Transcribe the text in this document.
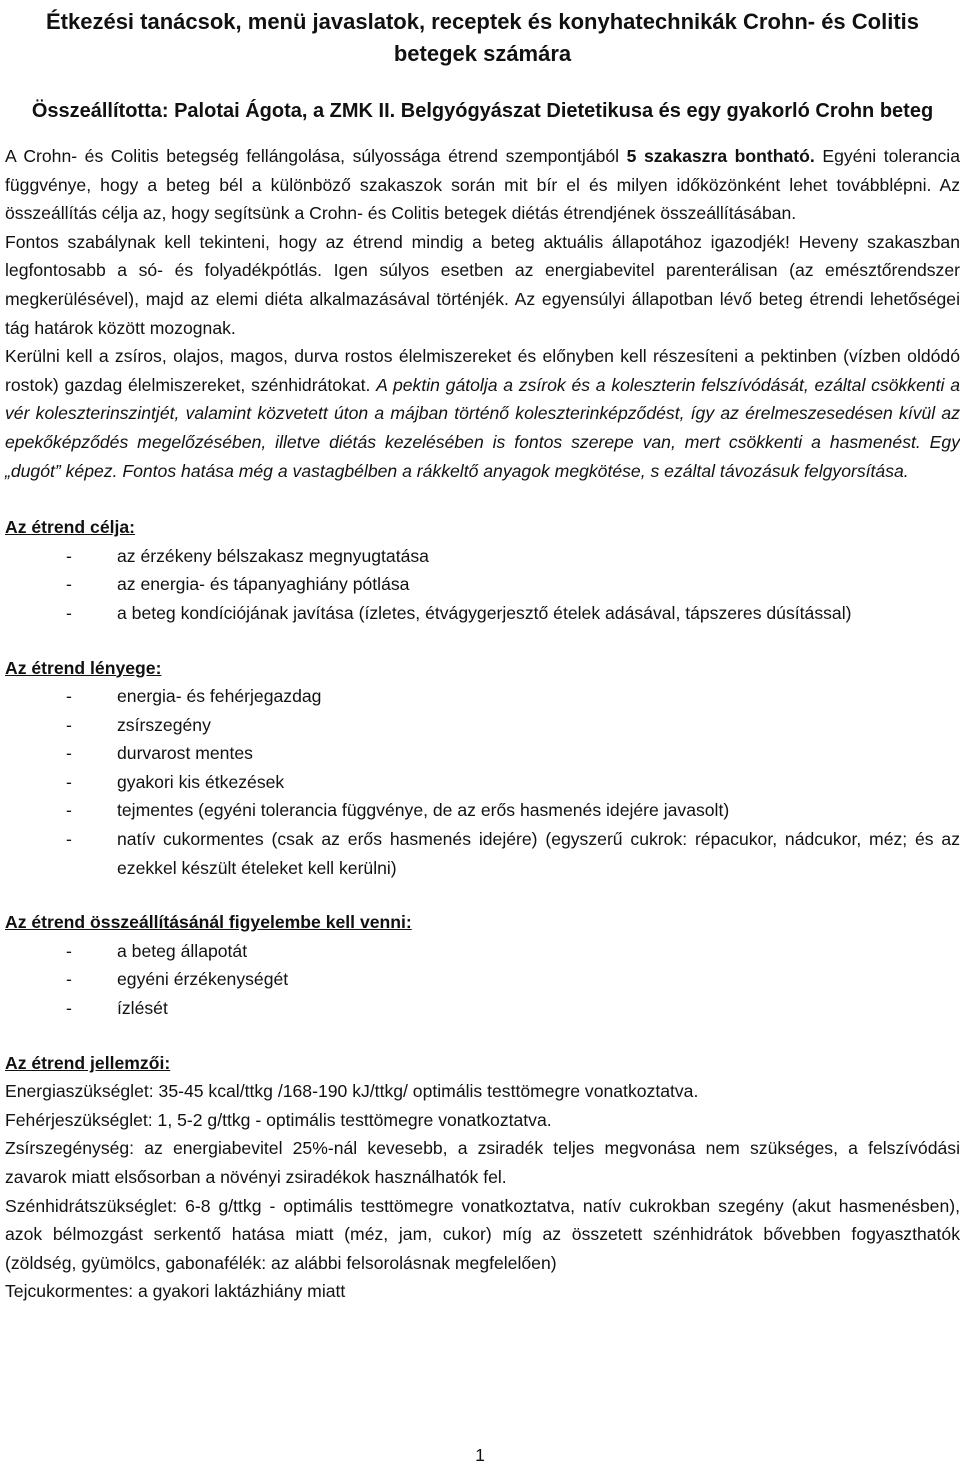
Étkezési tanácsok, menü javaslatok, receptek és konyhatechnikák Crohn- és Colitis betegek számára
Összeállította: Palotai Ágota, a ZMK II. Belgyógyászat Dietetikusa és egy gyakorló Crohn beteg

A Crohn- és Colitis betegség fellángolása, súlyossága étrend szempontjából 5 szakaszra bontható. Egyéni tolerancia függvénye, hogy a beteg bél a különböző szakaszok során mit bír el és milyen időközönként lehet továbblépni. Az összeállítás célja az, hogy segítsünk a Crohn- és Colitis betegek diétás étrendjének összeállításában.

Fontos szabálynak kell tekinteni, hogy az étrend mindig a beteg aktuális állapotához igazodjék! Heveny szakaszban legfontosabb a só- és folyadékpótlás. Igen súlyos esetben az energiabevitel parenterálisan (az emésztőrendszer megkerülésével), majd az elemi diéta alkalmazásával történjék. Az egyensúlyi állapotban lévő beteg étrendi lehetőségei tág határok között mozognak.

Kerülni kell a zsíros, olajos, magos, durva rostos élelmiszereket és előnyben kell részesíteni a pektinben (vízben oldódó rostok) gazdag élelmiszereket, szénhidrátokat. A pektin gátolja a zsírok és a koleszterin felszívódását, ezáltal csökkenti a vér koleszterinszintjét, valamint közvetett úton a májban történő koleszterinképződést, így az érelmeszesedésen kívül az epekőképződés megelőzésében, illetve diétás kezelésében is fontos szerepe van, mert csökkenti a hasmenést. Egy „dugót” képez. Fontos hatása még a vastagbélben a rákkeltő anyagok megkötése, s ezáltal távozásuk felgyorsítása.

Az étrend célja:
-	az érzékeny bélszakasz megnyugtatása
-	az energia- és tápanyaghiány pótlása
-	a beteg kondíciójának javítása (ízletes, étvágygerjesztő ételek adásával, tápszeres dúsítással)
Az étrend lényege:
-	energia- és fehérjegazdag
-	zsírszegény
-	durvarost mentes
-	gyakori kis étkezések
-	tejmentes (egyéni tolerancia függvénye, de az erős hasmenés idejére javasolt)
-	natív cukormentes (csak az erős hasmenés idejére) (egyszerű cukrok: répacukor, nádcukor, méz; és az ezekkel készült ételeket kell kerülni)
Az étrend összeállításánál figyelembe kell venni:
-	a beteg állapotát
-	egyéni érzékenységét
-	ízlését
Az étrend jellemzői:

Energiaszükséglet: 35-45 kcal/ttkg /168-190 kJ/ttkg/ optimális testtömegre vonatkoztatva.

Fehérjeszükséglet: 1, 5-2 g/ttkg - optimális testtömegre vonatkoztatva.

Zsírszegénység: az energiabevitel 25%-nál kevesebb, a zsiradék teljes megvonása nem szükséges, a felszívódási zavarok miatt elsősorban a növényi zsiradékok használhatók fel.

Szénhidrátszükséglet: 6-8 g/ttkg - optimális testtömegre vonatkoztatva, natív cukrokban szegény (akut hasmenésben), azok bélmozgást serkentő hatása miatt (méz, jam, cukor) míg az összetett szénhidrátok bővebben fogyaszthatók (zöldség, gyümölcs, gabonafélék: az alábbi felsorolásnak megfelelően)

Tejcukormentes: a gyakori laktázhiány miatt

1
